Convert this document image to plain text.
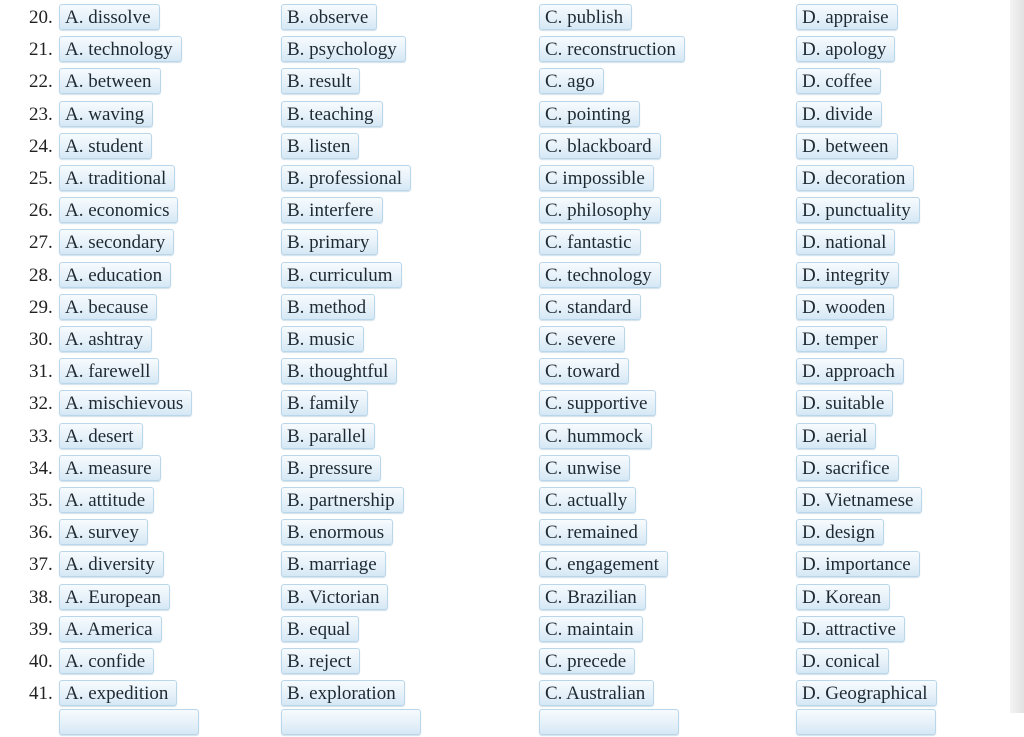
20. A. dissolve	B. observe	C. publish	D. appraise
21. A. technology	B. psychology	C. reconstruction	D. apology
22. A. between	B. result	C. ago	D. coffee
23. A. waving	B. teaching	C. pointing	D. divide
24. A. student	B. listen	C. blackboard	D. between
25. A. traditional	B. professional	C impossible	D. decoration
26. A. economics	B. interfere	C. philosophy	D. punctuality
27. A. secondary	B. primary	C. fantastic	D. national
28. A. education	B. curriculum	C. technology	D. integrity
29. A. because	B. method	C. standard	D. wooden
30. A. ashtray	B. music	C. severe	D. temper
31. A. farewell	B. thoughtful	C. toward	D. approach
32. A. mischievous	B. family	C. supportive	D. suitable
33. A. desert	B. parallel	C. hummock	D. aerial
34. A. measure	B. pressure	C. unwise	D. sacrifice
35. A. attitude	B. partnership	C. actually	D. Vietnamese
36. A. survey	B. enormous	C. remained	D. design
37. A. diversity	B. marriage	C. engagement	D. importance
38. A. European	B. Victorian	C. Brazilian	D. Korean
39. A. America	B. equal	C. maintain	D. attractive
40. A. confide	B. reject	C. precede	D. conical
41. A. expedition	B. exploration	C. Australian	D. Geographical
